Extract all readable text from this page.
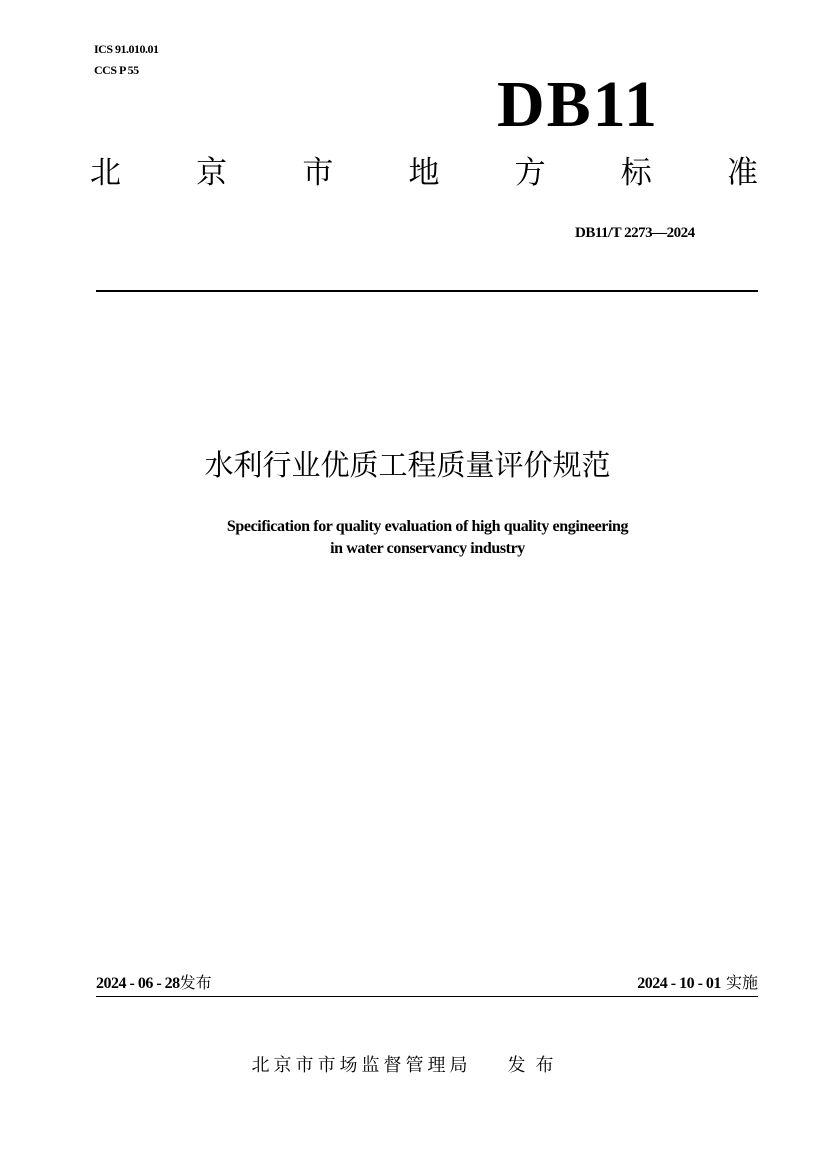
ICS 91.010.01
CCS P 55	DB11
北 京 市 地 方 标 准
DB11/T 2273—2024
水利行业优质工程质量评价规范
Specification for quality evaluation of high quality engineering
in water conservancy industry
2024 - 06 - 28发布	2024 - 10 - 01 实施
北京市市场监督管理局 发布
